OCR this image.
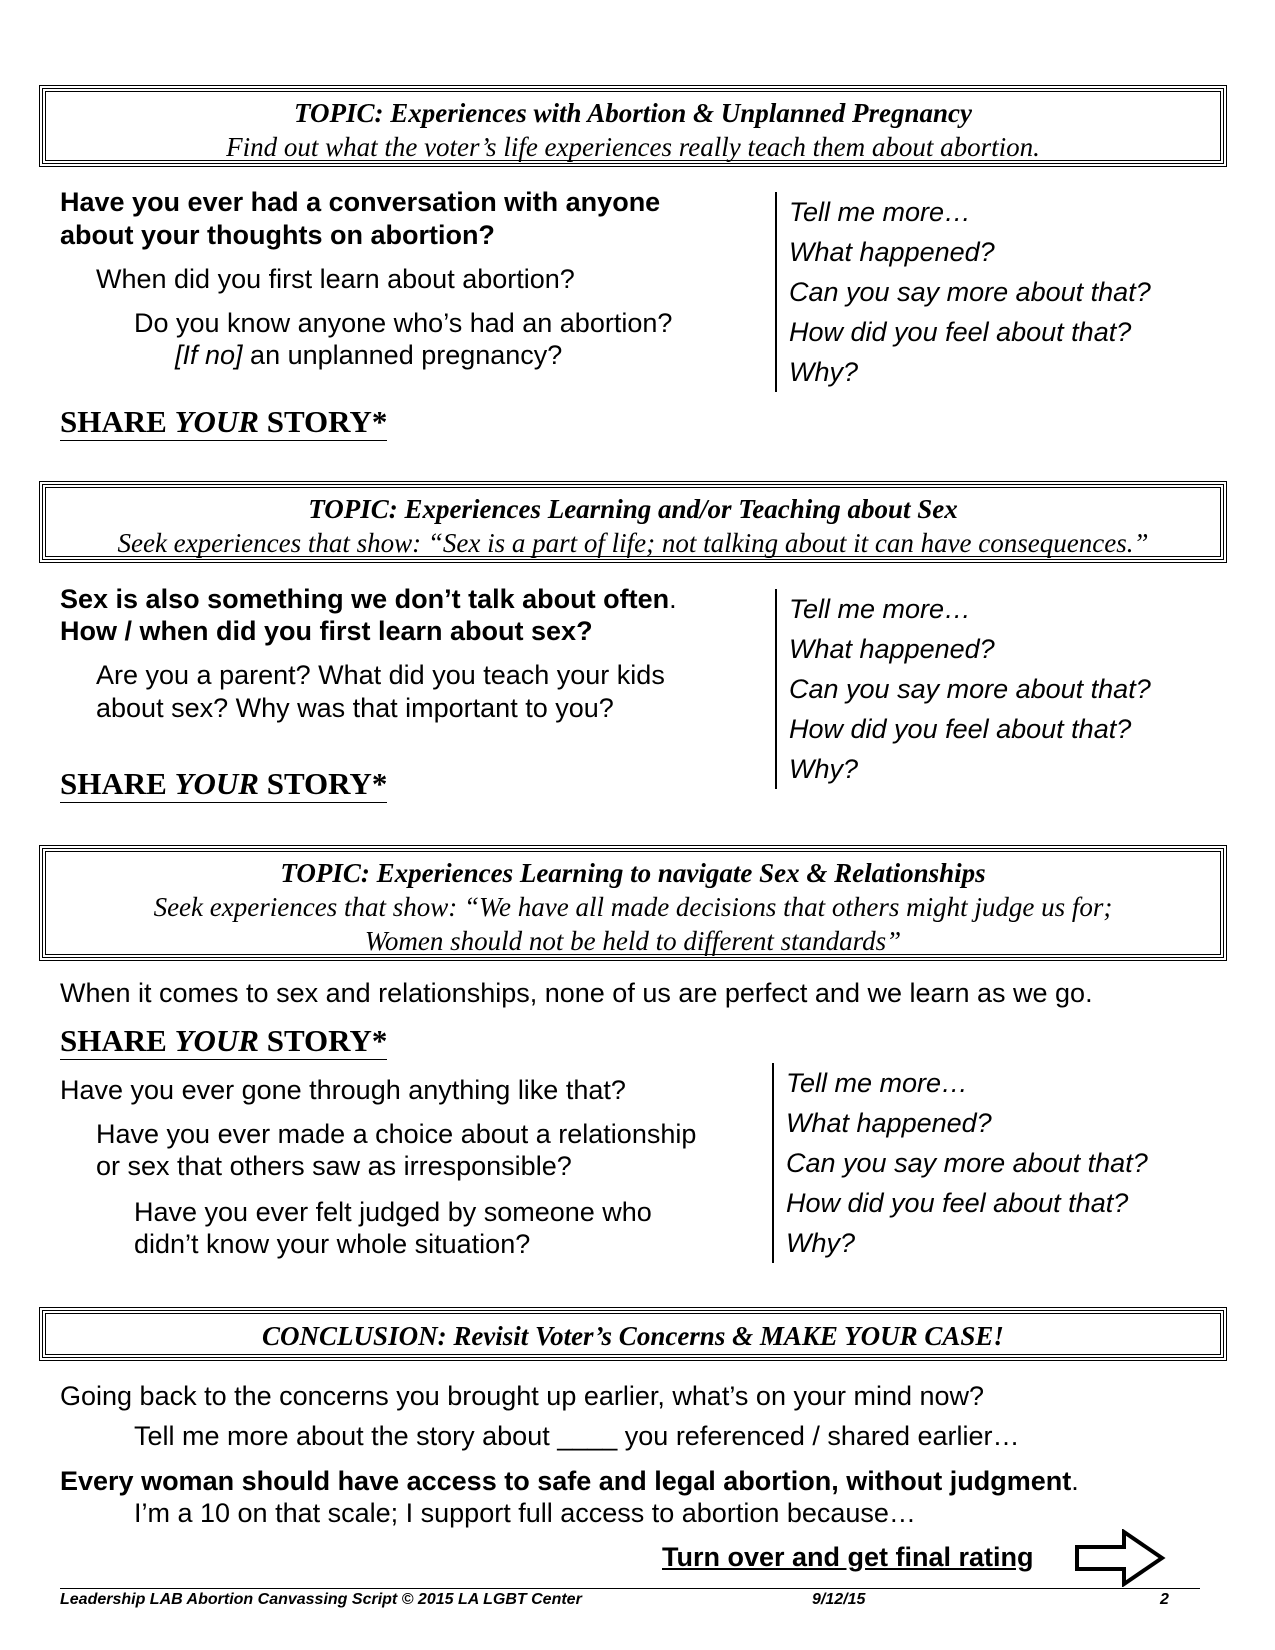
TOPIC: Experiences with Abortion & Unplanned Pregnancy
Find out what the voter’s life experiences really teach them about abortion.
Have you ever had a conversation with anyone
about your thoughts on abortion?
When did you first learn about abortion?
Do you know anyone who’s had an abortion?
[If no] an unplanned pregnancy?
Tell me more…
What happened?
Can you say more about that?
How did you feel about that?
Why?
SHARE YOUR STORY*
TOPIC: Experiences Learning and/or Teaching about Sex
Seek experiences that show: “Sex is a part of life; not talking about it can have consequences.”
Sex is also something we don’t talk about often.
How / when did you first learn about sex?
Are you a parent? What did you teach your kids
about sex? Why was that important to you?
Tell me more…
What happened?
Can you say more about that?
How did you feel about that?
Why?
SHARE YOUR STORY*
TOPIC: Experiences Learning to navigate Sex & Relationships
Seek experiences that show: “We have all made decisions that others might judge us for;
Women should not be held to different standards”
When it comes to sex and relationships, none of us are perfect and we learn as we go.
SHARE YOUR STORY*
Have you ever gone through anything like that?
Have you ever made a choice about a relationship
or sex that others saw as irresponsible?
Have you ever felt judged by someone who
didn’t know your whole situation?
Tell me more…
What happened?
Can you say more about that?
How did you feel about that?
Why?
CONCLUSION: Revisit Voter’s Concerns & MAKE YOUR CASE!
Going back to the concerns you brought up earlier, what’s on your mind now?
Tell me more about the story about ____ you referenced / shared earlier…
Every woman should have access to safe and legal abortion, without judgment.
I’m a 10 on that scale; I support full access to abortion because…
Turn over and get final rating
Leadership LAB Abortion Canvassing Script © 2015 LA LGBT Center	9/12/15	2
